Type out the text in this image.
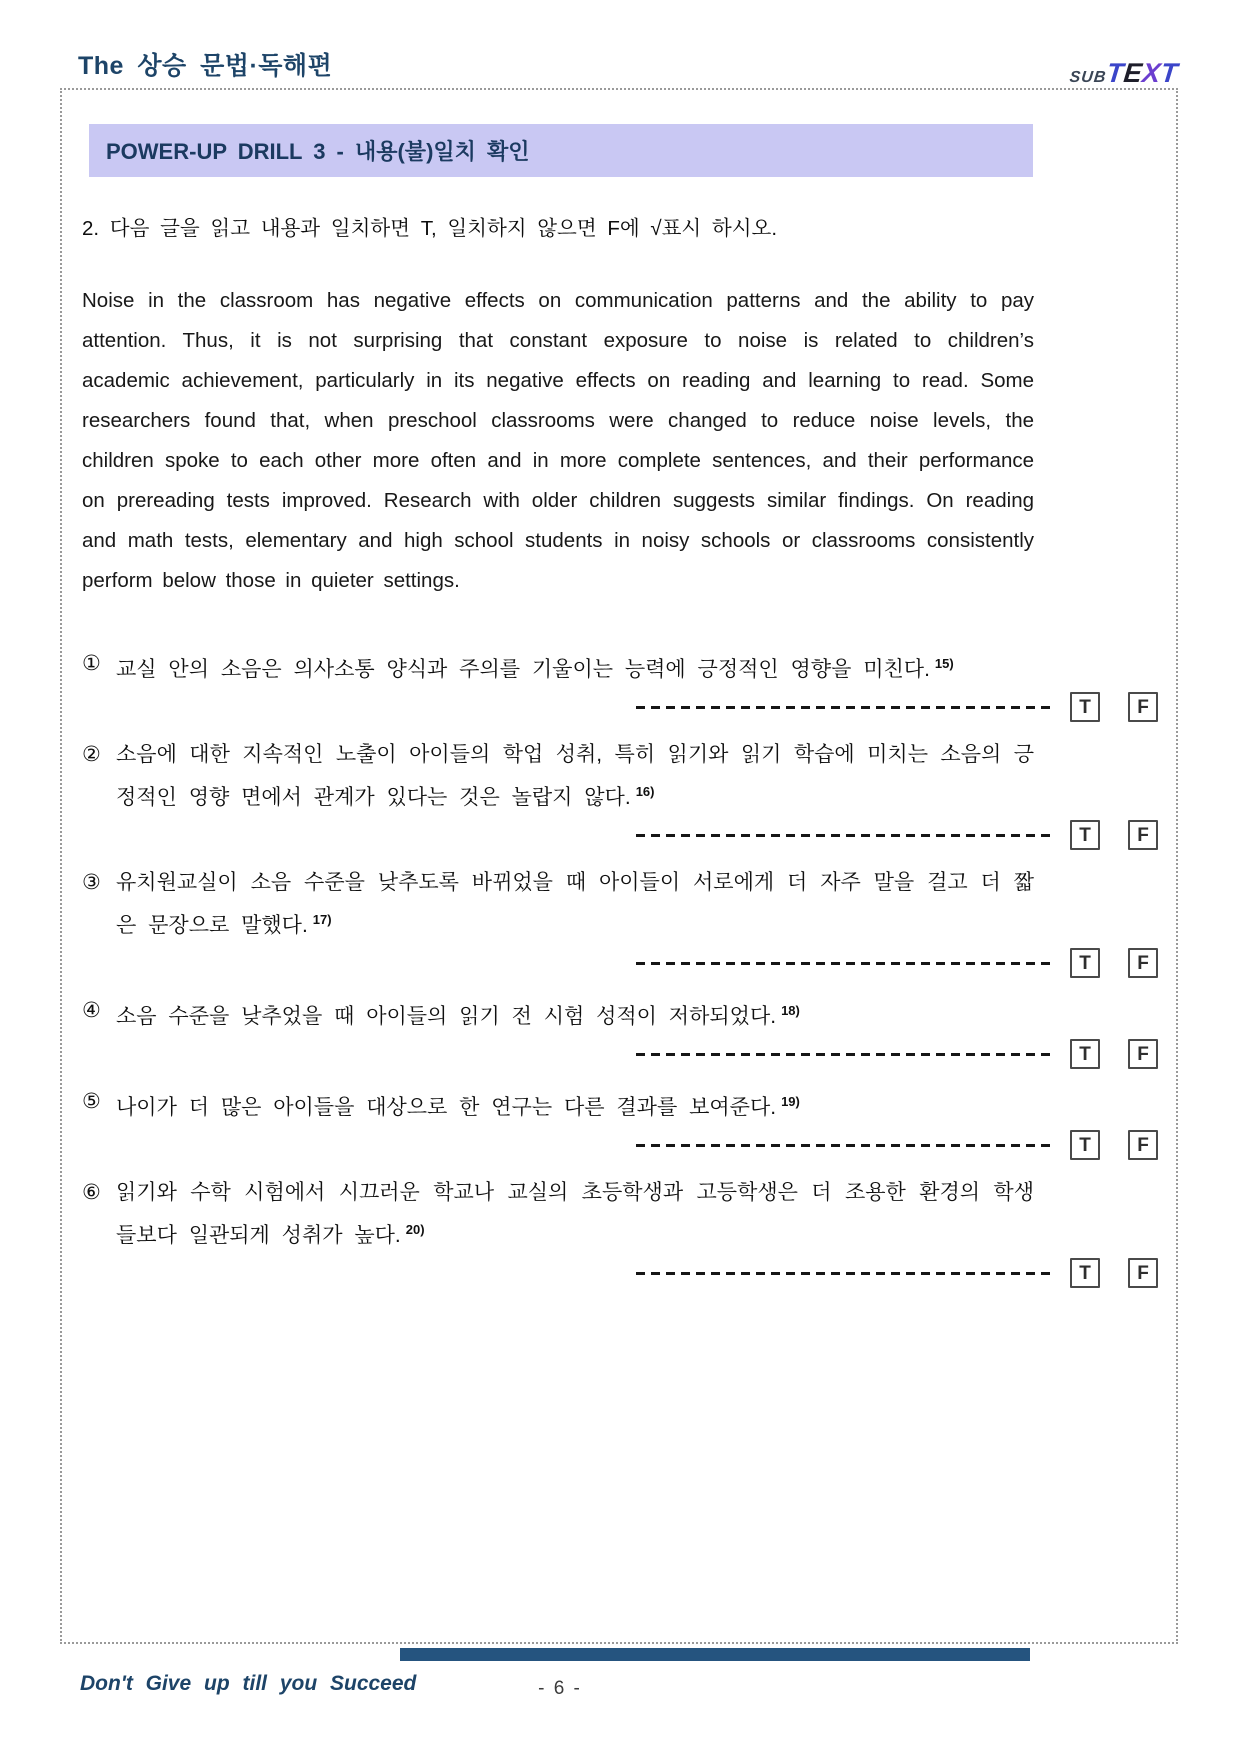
The 상승 문법·독해편	SUBTEXT
POWER-UP DRILL 3 - 내용(불)일치 확인
2. 다음 글을 읽고 내용과 일치하면 T, 일치하지 않으면 F에 √표시 하시오.
Noise in the classroom has negative effects on communication patterns and the ability to pay attention. Thus, it is not surprising that constant exposure to noise is related to children’s academic achievement, particularly in its negative effects on reading and learning to read. Some researchers found that, when preschool classrooms were changed to reduce noise levels, the children spoke to each other more often and in more complete sentences, and their performance on prereading tests improved. Research with older children suggests similar findings. On reading and math tests, elementary and high school students in noisy schools or classrooms consistently perform below those in quieter settings.
① 교실 안의 소음은 의사소통 양식과 주의를 기울이는 능력에 긍정적인 영향을 미친다. $^{15)}$
T F
② 소음에 대한 지속적인 노출이 아이들의 학업 성취, 특히 읽기와 읽기 학습에 미치는 소음의 긍정적인 영향 면에서 관계가 있다는 것은 놀랍지 않다. $^{16)}$
T F
③ 유치원교실이 소음 수준을 낮추도록 바뀌었을 때 아이들이 서로에게 더 자주 말을 걸고 더 짧은 문장으로 말했다. $^{17)}$
T F
④ 소음 수준을 낮추었을 때 아이들의 읽기 전 시험 성적이 저하되었다. $^{18)}$
T F
⑤ 나이가 더 많은 아이들을 대상으로 한 연구는 다른 결과를 보여준다. $^{19)}$
T F
⑥ 읽기와 수학 시험에서 시끄러운 학교나 교실의 초등학생과 고등학생은 더 조용한 환경의 학생들보다 일관되게 성취가 높다. $^{20)}$
T F
Don't Give up till you Succeed	- 6 -
